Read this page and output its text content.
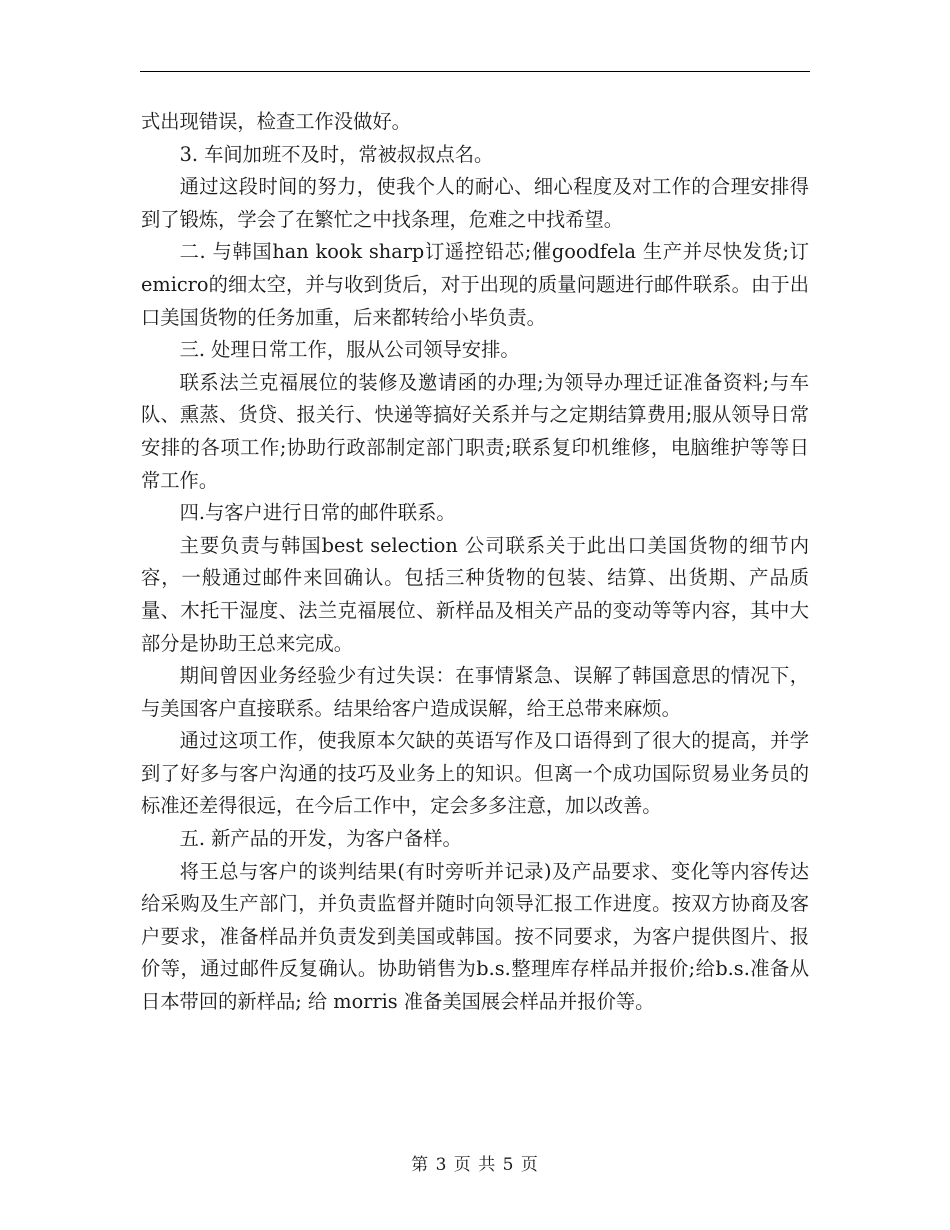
式出现错误，检查工作没做好。

3. 车间加班不及时，常被叔叔点名。

通过这段时间的努力，使我个人的耐心、细心程度及对工作的合理安排得到了锻炼，学会了在繁忙之中找条理，危难之中找希望。

二. 与韩国han kook sharp订遥控铅芯;催goodfela 生产并尽快发货;订emicro的细太空，并与收到货后，对于出现的质量问题进行邮件联系。由于出口美国货物的任务加重，后来都转给小毕负责。

三. 处理日常工作，服从公司领导安排。

联系法兰克福展位的装修及邀请函的办理;为领导办理迁证准备资料;与车队、熏蒸、货贷、报关行、快递等搞好关系并与之定期结算费用;服从领导日常安排的各项工作;协助行政部制定部门职责;联系复印机维修，电脑维护等等日常工作。

四.与客户进行日常的邮件联系。

主要负责与韩国best selection 公司联系关于此出口美国货物的细节内容，一般通过邮件来回确认。包括三种货物的包装、结算、出货期、产品质量、木托干湿度、法兰克福展位、新样品及相关产品的变动等等内容，其中大部分是协助王总来完成。

期间曾因业务经验少有过失误：在事情紧急、误解了韩国意思的情况下，与美国客户直接联系。结果给客户造成误解，给王总带来麻烦。

通过这项工作，使我原本欠缺的英语写作及口语得到了很大的提高，并学到了好多与客户沟通的技巧及业务上的知识。但离一个成功国际贸易业务员的标准还差得很远，在今后工作中，定会多多注意，加以改善。

五. 新产品的开发，为客户备样。

将王总与客户的谈判结果(有时旁听并记录)及产品要求、变化等内容传达给采购及生产部门，并负责监督并随时向领导汇报工作进度。按双方协商及客户要求，准备样品并负责发到美国或韩国。按不同要求，为客户提供图片、报价等，通过邮件反复确认。协助销售为b.s.整理库存样品并报价;给b.s.准备从日本带回的新样品; 给 morris 准备美国展会样品并报价等。

第 3 页 共 5 页
